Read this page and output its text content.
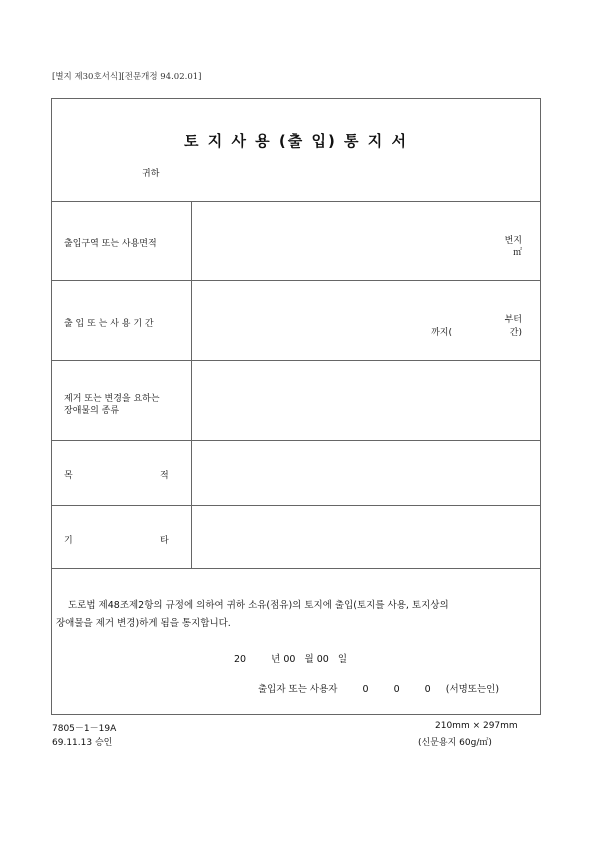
[별지 제30호서식][전문개정 94.02.01]
토 지 사 용 (출 입) 통 지 서
귀하
출입구역 또는 사용면적	번지
㎡
출 입 또 는 사 용 기 간	부터
까지(	간)
제거 또는 변경을 요하는
장애물의 종류
목	적
기	타
도로법 제48조제2항의 규정에 의하여 귀하 소유(점유)의 토지에 출입(토지를 사용, 토지상의
장애물을 제거 변경)하게 됨을 통지합니다.
20	년 00 월 00 일
출입자 또는 사용자	0	0	0 (서명또는인)
7805－1－19A
69.11.13 승인
210mm × 297mm
(신문용지 60g/㎡)
